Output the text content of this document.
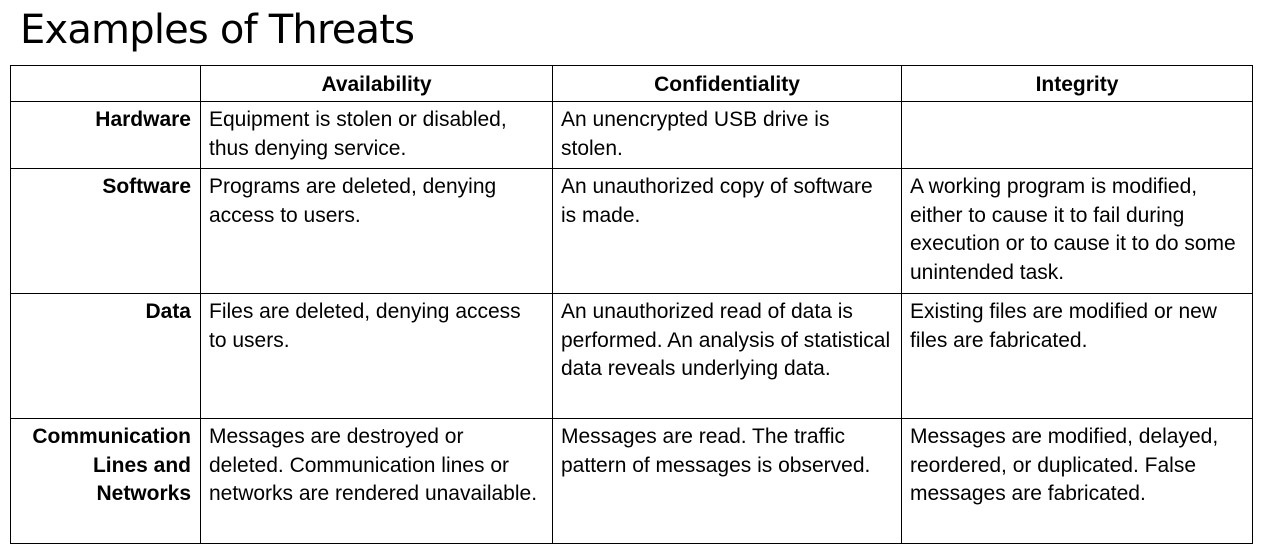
Examples of Threats
	Availability	Confidentiality	Integrity
Hardware	Equipment is stolen or disabled, thus denying service.	An unencrypted USB drive is stolen.	
Software	Programs are deleted, denying access to users.	An unauthorized copy of software is made.	A working program is modified, either to cause it to fail during execution or to cause it to do some unintended task.
Data	Files are deleted, denying access to users.	An unauthorized read of data is performed. An analysis of statistical data reveals underlying data.	Existing files are modified or new files are fabricated.
Communication Lines and Networks	Messages are destroyed or deleted. Communication lines or networks are rendered unavailable.	Messages are read. The traffic pattern of messages is observed.	Messages are modified, delayed, reordered, or duplicated. False messages are fabricated.
